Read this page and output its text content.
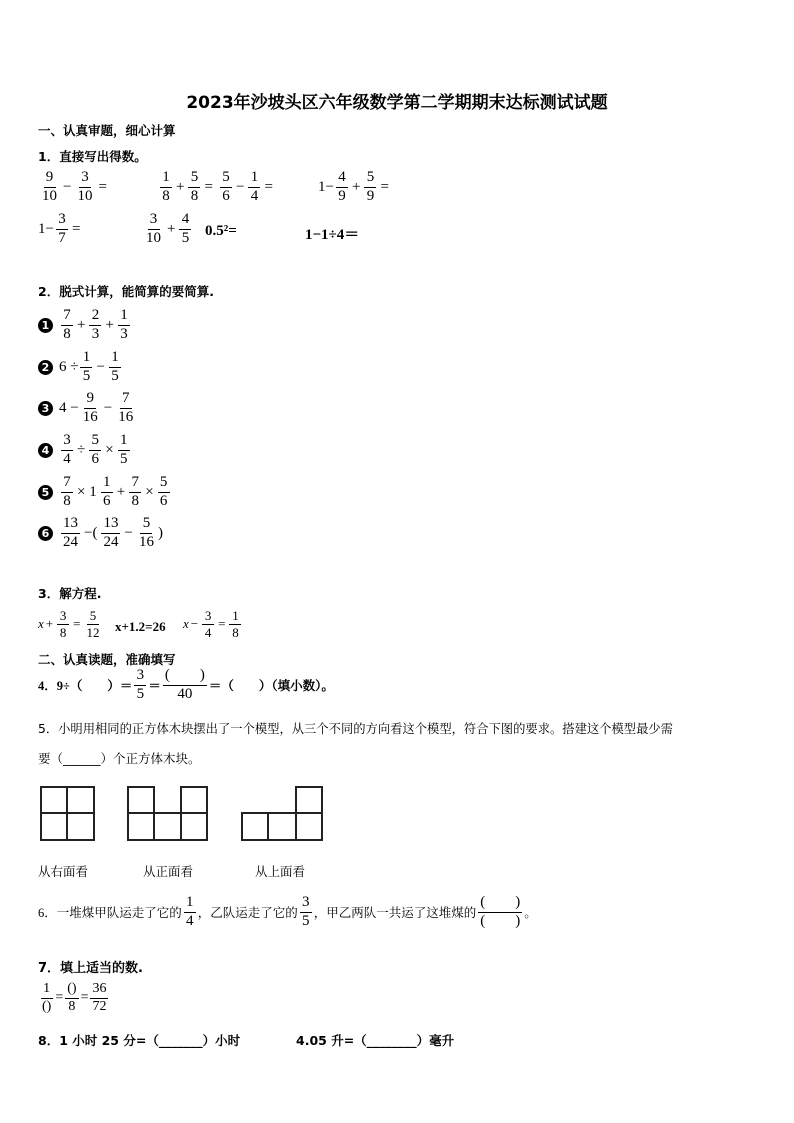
2023年沙坡头区六年级数学第二学期期末达标测试试题
一、认真审题，细心计算
1．直接写出得数。
$\frac{9}{10} - \frac{3}{10}$ =	$\frac{1}{8} + \frac{5}{8} = \frac{5}{6} - \frac{1}{4}$ =	$1- \frac{4}{9} + \frac{5}{9}$ =
$1- \frac{3}{7}$ =	$\frac{3}{10} + \frac{4}{5} 0.5^2=$	1−1÷4＝
2．脱式计算，能简算的要简算.
$1 \frac{7}{8} + \frac{2}{3} + \frac{1}{3}$
2 $6 \div \frac{1}{5} - \frac{1}{5}$
3 $4 - \frac{9}{16} - \frac{7}{16}$
$4 \frac{3}{4} \div \frac{5}{6} \times \frac{1}{5}$
$5 \frac{7}{8} \times 1 \frac{1}{6} + \frac{7}{8} \times \frac{5}{6}$
$6 \frac{13}{24}$ −( $\frac{13}{24} - \frac{5}{16}$ )
3．解方程.
$x + \frac{3}{8} = \frac{5}{12} x+1.2=26$ $x - \frac{3}{4} = \frac{1}{8}$
二、认真读题，准确填写
4．9÷（　　） ＝ $\frac{3}{5} = \frac{( )}{40}$ ＝（　　）（填小数）。
5．小明用相同的正方体木块摆出了一个模型，从三个不同的方向看这个模型，符合下图的要求。搭建这个模型最少需
要（______）个正方体木块。
从右面看	从正面看	从上面看
6．一堆煤甲队运走了它的 $\frac{1}{4}$ ，乙队运走了它的 $\frac{3}{5}$ ，甲乙两队一共运了这堆煤的 $\frac{( )}{( )}$ 。
7．填上适当的数.
$\frac{1}{()} = \frac{()}{8} = \frac{36}{72}$
8．1 小时 25 分=（_______）小时	4.05 升=（________）毫升
